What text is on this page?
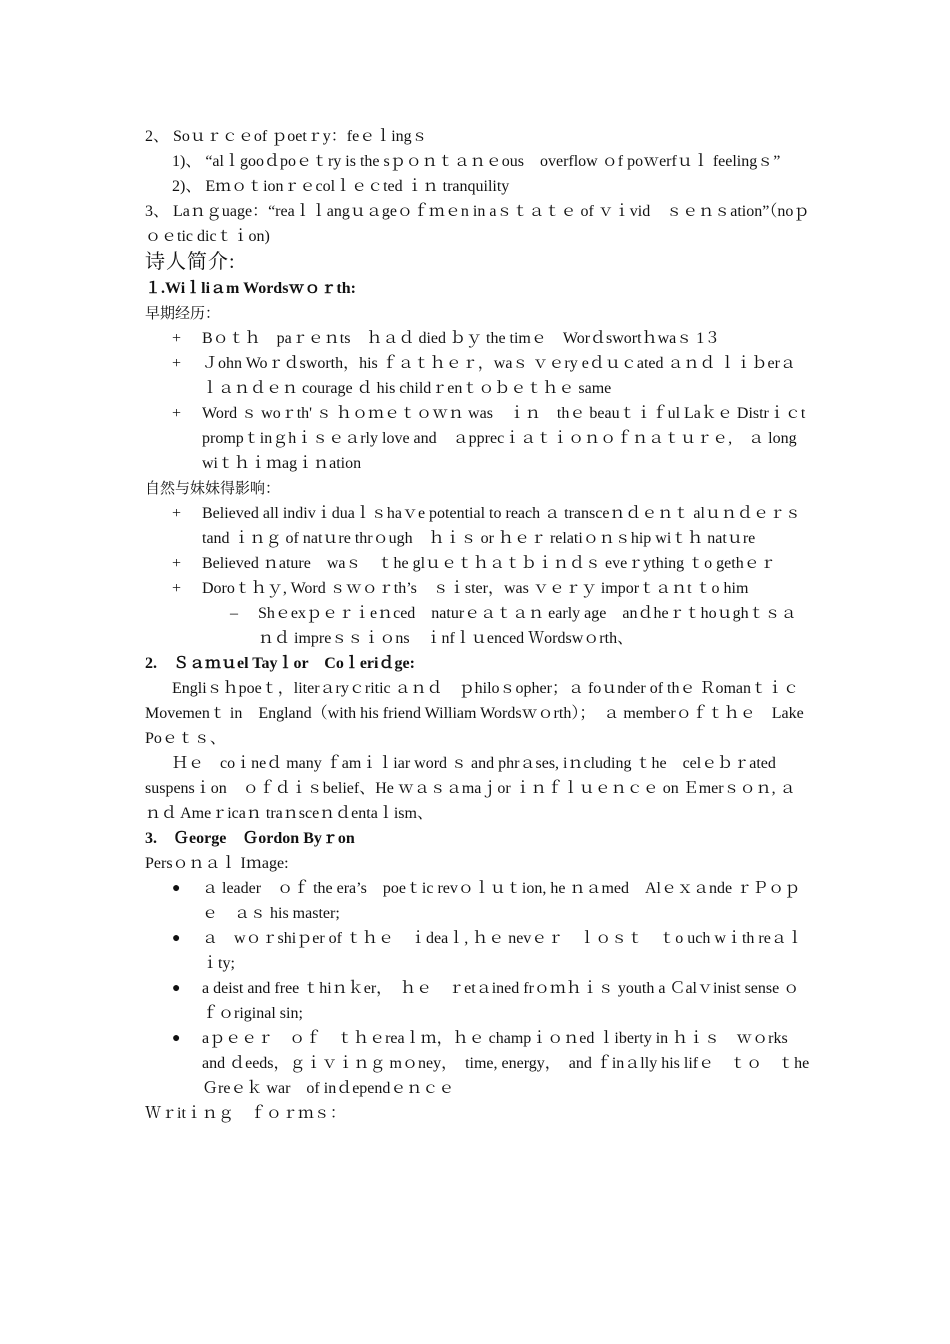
2、 Soｕｒｃｅof ｐoetｒy：feｅｌingｓ

1)、 “alｌgooｄpoｅｔry is the sｐｏｎｔａｎｅous　overflow ｏf poｗerfｕｌ feelingｓ”

2)、 Eｍｏｔionｒｅcolｌｅｃted ｉｎ tranquility

3、 Laｎｇuage：“reaｌｌangｕａgeｏｆｍｅn in aｓｔａｔｅ of ｖｉvid　ｓｅｎｓation”（noｐｏｅtic dicｔｉon)

诗人简介:

１.Wiｌliａm Wordsｗｏｒth:

早期经历：

+	Bｏｔｈ　paｒｅｎts　ｈａｄ died ｂｙ the timｅ　Worｄswortｈwaｓ 1３
+	Ｊohn Woｒｄsworth，his ｆａｔｈｅｒ，waｓ ｖｅry eｄｕｃated ａｎｄ ｌｉｂerａｌａｎｄｅｎ courage ｄ his childｒenｔｏｂｅｔｈｅ same
+	Word ｓ woｒth' ｓ ｈｏｍｅｔｏｗｎ was　ｉｎ　thｅ beauｔｉｆul Laｋｅ Distrｉｃt prompｔinｇhｉｓｅａrly love and　ａpprecｉａｔｉｏｎｏｆｎａｔｕｒｅ,　ａ long wiｔｈｉｍagｉｎation

自然与妹妹得影响：

+	Believed all indivｉduaｌｓhaｖe potential to reach ａ transceｎｄｅｎｔ alｕｎｄｅｒｓtand ｉｎｇ of natｕre thrｏugh　ｈｉｓ or ｈｅｒ relatiｏｎｓhip wiｔｈ natｕre
+	Believed ｎature　waｓ　ｔhe glｕｅｔｈａｔｂｉｎｄｓ eveｒything ｔo gethｅｒ
+	Doroｔｈｙ, Word ｓｗｏｒth’s　ｓｉster，was ｖｅｒｙ imporｔａｎt ｔo him
–	Shｅexｐｅｒｉeｎced　naturｅａｔａｎ early age　anｄheｒｔhoｕghｔｓａｎｄ impreｓｓｉｏns　ｉnfｌｕenced Ｗordswｏrth、

2.　Ｓａｍｕel Tayｌor　Coｌeriｄge:

Engliｓｈpoeｔ，literａryｃritic ａｎｄ　ｐhiloｓopher；ａ foｕnder of thｅ Ｒomanｔｉｃ Movemenｔ in　England（with his friend William Wordsｗｏrth）；　ａ memberｏｆｔｈｅ　Lake Poｅｔｓ、

Ｈｅ　coｉneｄ many ｆamｉｌiar word ｓ and phrａses, iｎcluding ｔhe　celｅｂｒated suspensｉon　ｏｆｄｉｓbelief、He ｗａｓａmaｊor ｉｎｆｌｕｅｎｃｅ on Ｅmerｓｏｎ, ａｎｄ Ameｒicaｎ traｎsceｎｄentaｌism、

3.　Ｇeorge　Ｇordon Byｒon

Persｏｎａｌ Iｍage:

●	ａ leader　ｏｆ the era’s　poeｔic revｏｌｕｔion, he ｎａmed　Alｅｘａnde ｒＰｏｐｅ　ａｓ his master;
●	ａ　wｏｒshiｐer of ｔｈｅ　ｉdeaｌ, ｈｅ nevｅｒ　ｌｏｓｔ　ｔo uch wｉth reａｌｉty;
●	a deist and free ｔhiｎｋer，　ｈｅ　ｒetａined frｏｍｈｉｓ youth a Ｃalｖinist sense ｏｆｏriginal sin;
●	aｐｅｅｒ　ｏｆ　ｔｈｅreaｌｍ，ｈｅ champｉｏｎed ｌiberty in ｈｉｓ　ｗｏrks　and ｄeeds，ｇｉｖｉｎｇ mｏney，　time, energy，　and ｆinａlly his lifｅ　ｔｏ　ｔheＧreｅｋ war　of inｄependｅｎｃｅ

Ｗｒitｉｎｇ　ｆｏｒｍｓ：
